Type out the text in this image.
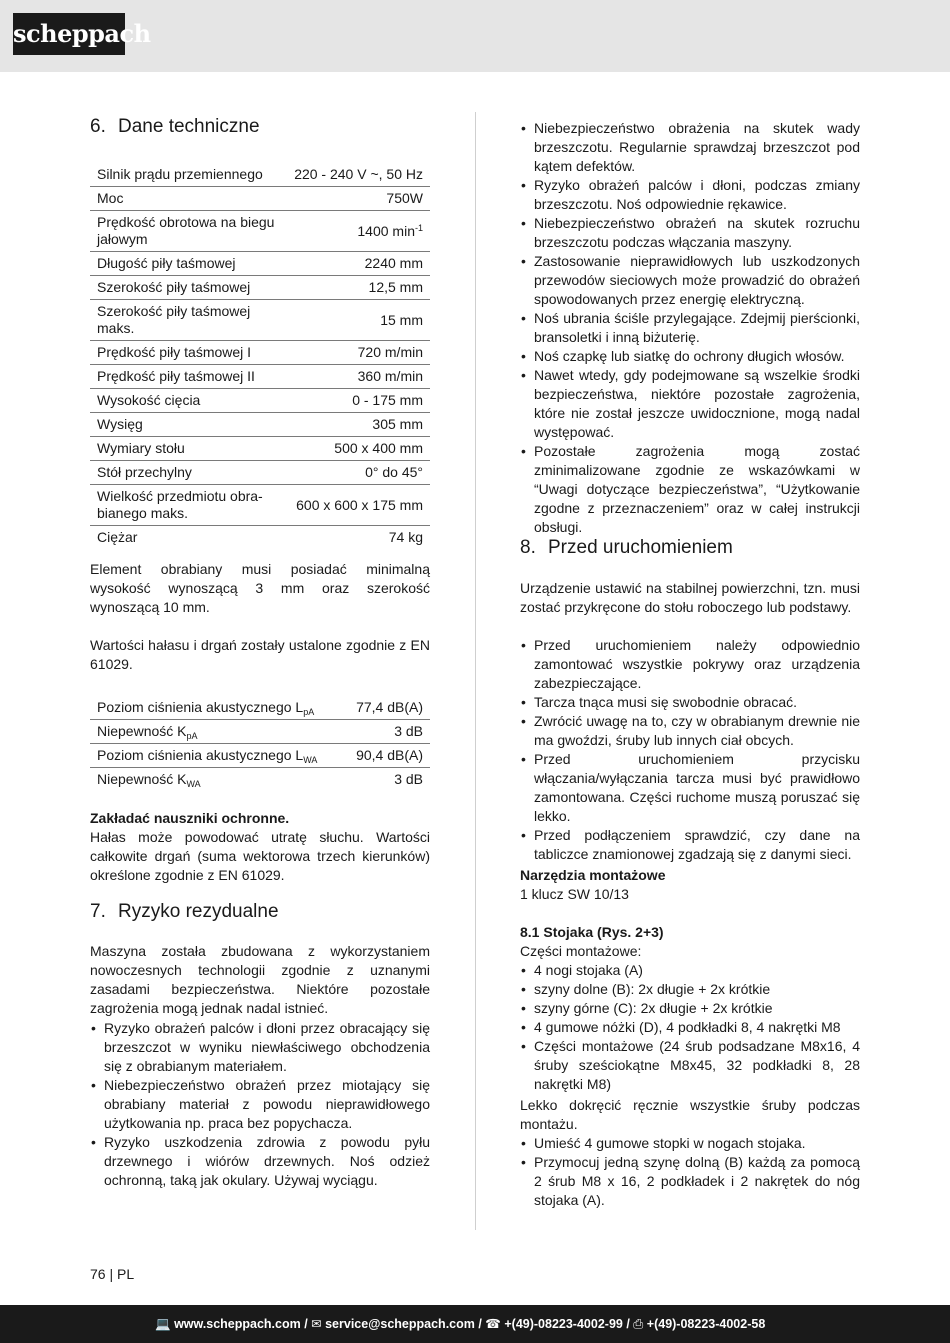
scheppach
6. Dane techniczne
Silnik prądu przemiennego	220 - 240 V ~, 50 Hz
Moc	750W
Prędkość obrotowa na biegu jałowym	1400 $\min^{-1}$
Długość piły taśmowej	2240 mm
Szerokość piły taśmowej	12,5 mm
Szerokość piły taśmowej maks.	15 mm
Prędkość piły taśmowej I	720 m/min
Prędkość piły taśmowej II	360 m/min
Wysokość cięcia	0 - 175 mm
Wysięg	305 mm
Wymiary stołu	500 x 400 mm
Stół przechylny	0° do 45°
Wielkość przedmiotu obra-bianego maks.	600 x 600 x 175 mm
Ciężar	74 kg

Element obrabiany musi posiadać minimalną wysokość wynoszącą 3 mm oraz szerokość wynoszącą 10 mm.

Wartości hałasu i drgań zostały ustalone zgodnie z EN 61029.

Poziom ciśnienia akustycznego $L_{pA}$	77,4 dB(A)
Niepewność $K_{pA}$	3 dB
Poziom ciśnienia akustycznego $L_{WA}$	90,4 dB(A)
Niepewność $K_{WA}$	3 dB

Zakładać nauszniki ochronne.

Hałas może powodować utratę słuchu. Wartości całkowite drgań (suma wektorowa trzech kierunków) określone zgodnie z EN 61029.

7. Ryzyko rezydualne

Maszyna została zbudowana z wykorzystaniem nowoczesnych technologii zgodnie z uznanymi zasadami bezpieczeństwa. Niektóre pozostałe zagrożenia mogą jednak nadal istnieć.

• Ryzyko obrażeń palców i dłoni przez obracający się brzeszczot w wyniku niewłaściwego obchodzenia się z obrabianym materiałem.
• Niebezpieczeństwo obrażeń przez miotający się obrabiany materiał z powodu nieprawidłowego użytkowania np. praca bez popychacza.
• Ryzyko uszkodzenia zdrowia z powodu pyłu drzewnego i wiórów drzewnych. Noś odzież ochronną, taką jak okulary. Używaj wyciągu.
• Niebezpieczeństwo obrażenia na skutek wady brzeszczotu. Regularnie sprawdzaj brzeszczot pod kątem defektów.
• Ryzyko obrażeń palców i dłoni, podczas zmiany brzeszczotu. Noś odpowiednie rękawice.
• Niebezpieczeństwo obrażeń na skutek rozruchu brzeszczotu podczas włączania maszyny.
• Zastosowanie nieprawidłowych lub uszkodzonych przewodów sieciowych może prowadzić do obrażeń spowodowanych przez energię elektryczną.
• Noś ubrania ściśle przylegające. Zdejmij pierścionki, bransoletki i inną biżuterię.
• Noś czapkę lub siatkę do ochrony długich włosów.
• Nawet wtedy, gdy podejmowane są wszelkie środki bezpieczeństwa, niektóre pozostałe zagrożenia, które nie został jeszcze uwidocznione, mogą nadal występować.
• Pozostałe zagrożenia mogą zostać zminimalizowane zgodnie ze wskazówkami w “Uwagi dotyczące bezpieczeństwa”, “Użytkowanie zgodne z przeznaczeniem” oraz w całej instrukcji obsługi.
8. Przed uruchomieniem

Urządzenie ustawić na stabilnej powierzchni, tzn. musi zostać przykręcone do stołu roboczego lub podstawy.

• Przed uruchomieniem należy odpowiednio zamontować wszystkie pokrywy oraz urządzenia zabezpieczające.
• Tarcza tnąca musi się swobodnie obracać.
• Zwrócić uwagę na to, czy w obrabianym drewnie nie ma gwoździ, śruby lub innych ciał obcych.
• Przed uruchomieniem przycisku włączania/wyłączania tarcza musi być prawidłowo zamontowana. Części ruchome muszą poruszać się lekko.
• Przed podłączeniem sprawdzić, czy dane na tabliczce znamionowej zgadzają się z danymi sieci.

Narzędzia montażowe

1 klucz SW 10/13

8.1 Stojaka (Rys. 2+3)

Części montażowe:

• 4 nogi stojaka (A)
• szyny dolne (B): 2x długie + 2x krótkie
• szyny górne (C): 2x długie + 2x krótkie
• 4 gumowe nóżki (D), 4 podkładki 8, 4 nakrętki M8
• Części montażowe (24 śrub podsadzane M8x16, 4 śruby sześciokątne M8x45, 32 podkładki 8, 28 nakrętki M8)

Lekko dokręcić ręcznie wszystkie śruby podczas montażu.

• Umieść 4 gumowe stopki w nogach stojaka.
• Przymocuj jedną szynę dolną (B) każdą za pomocą 2 śrub M8 x 16, 2 podkładek i 2 nakrętek do nóg stojaka (A).
76 | PL
💻 www.scheppach.com / ✉ service@scheppach.com / ☎ +(49)-08223-4002-99 / ⎙ +(49)-08223-4002-58
